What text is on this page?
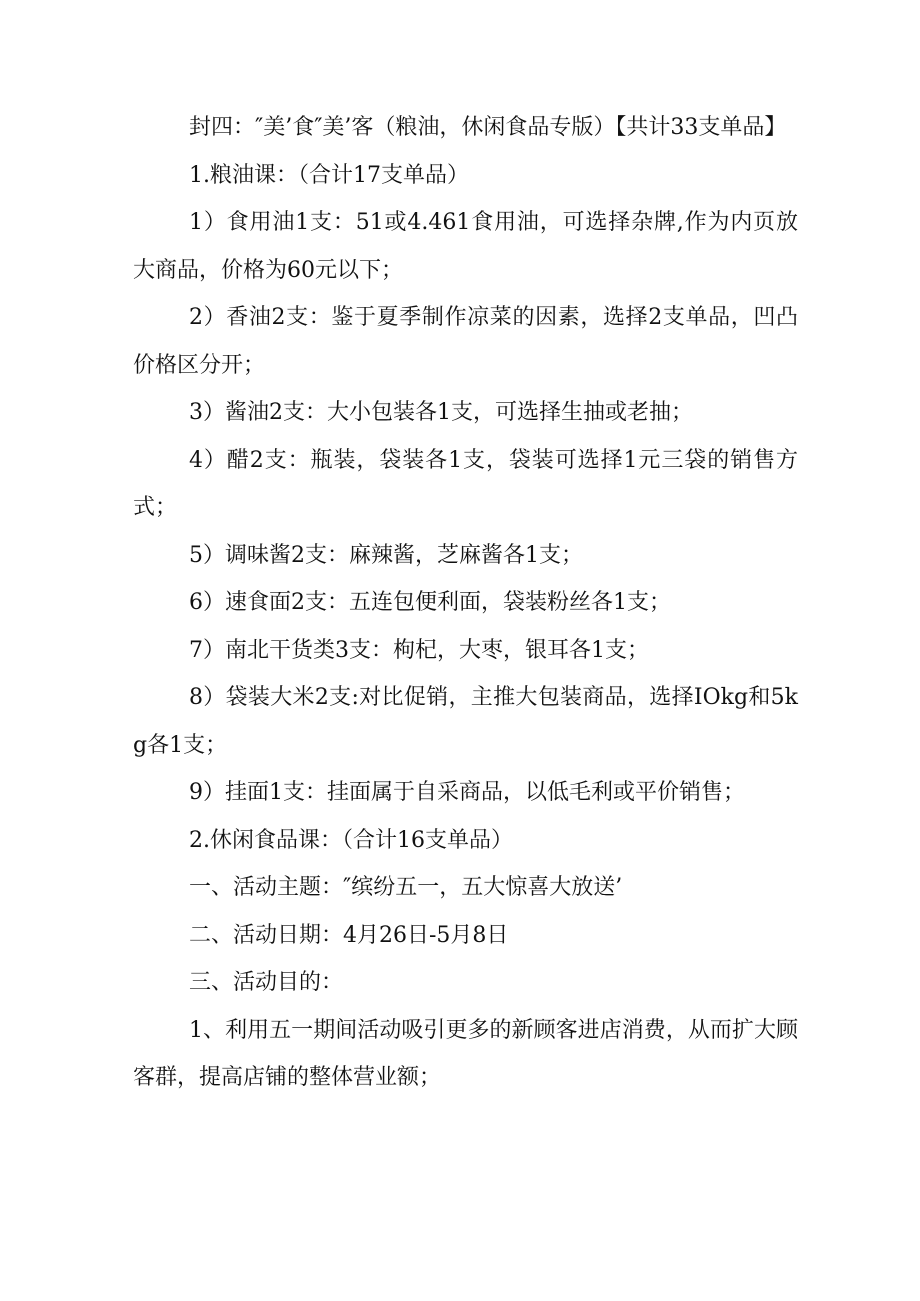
封四：″美’食″美’客（粮油，休闲食品专版）【共计33支单品】

1.粮油课：（合计17支单品）

1）食用油1支：51或4.461食用油，可选择杂牌,作为内页放大商品，价格为60元以下；

2）香油2支：鉴于夏季制作凉菜的因素，选择2支单品，凹凸价格区分开；

3）酱油2支：大小包装各1支，可选择生抽或老抽；

4）醋2支：瓶装，袋装各1支，袋装可选择1元三袋的销售方式；

5）调味酱2支：麻辣酱，芝麻酱各1支；

6）速食面2支：五连包便利面，袋装粉丝各1支；

7）南北干货类3支：枸杞，大枣，银耳各1支；

8）袋装大米2支:对比促销，主推大包装商品，选择IOkg和5kg各1支；

9）挂面1支：挂面属于自采商品，以低毛利或平价销售；

2.休闲食品课：（合计16支单品）

一、活动主题：″缤纷五一，五大惊喜大放送’

二、活动日期：4月26日-5月8日

三、活动目的：

1、利用五一期间活动吸引更多的新顾客进店消费，从而扩大顾客群，提高店铺的整体营业额；
